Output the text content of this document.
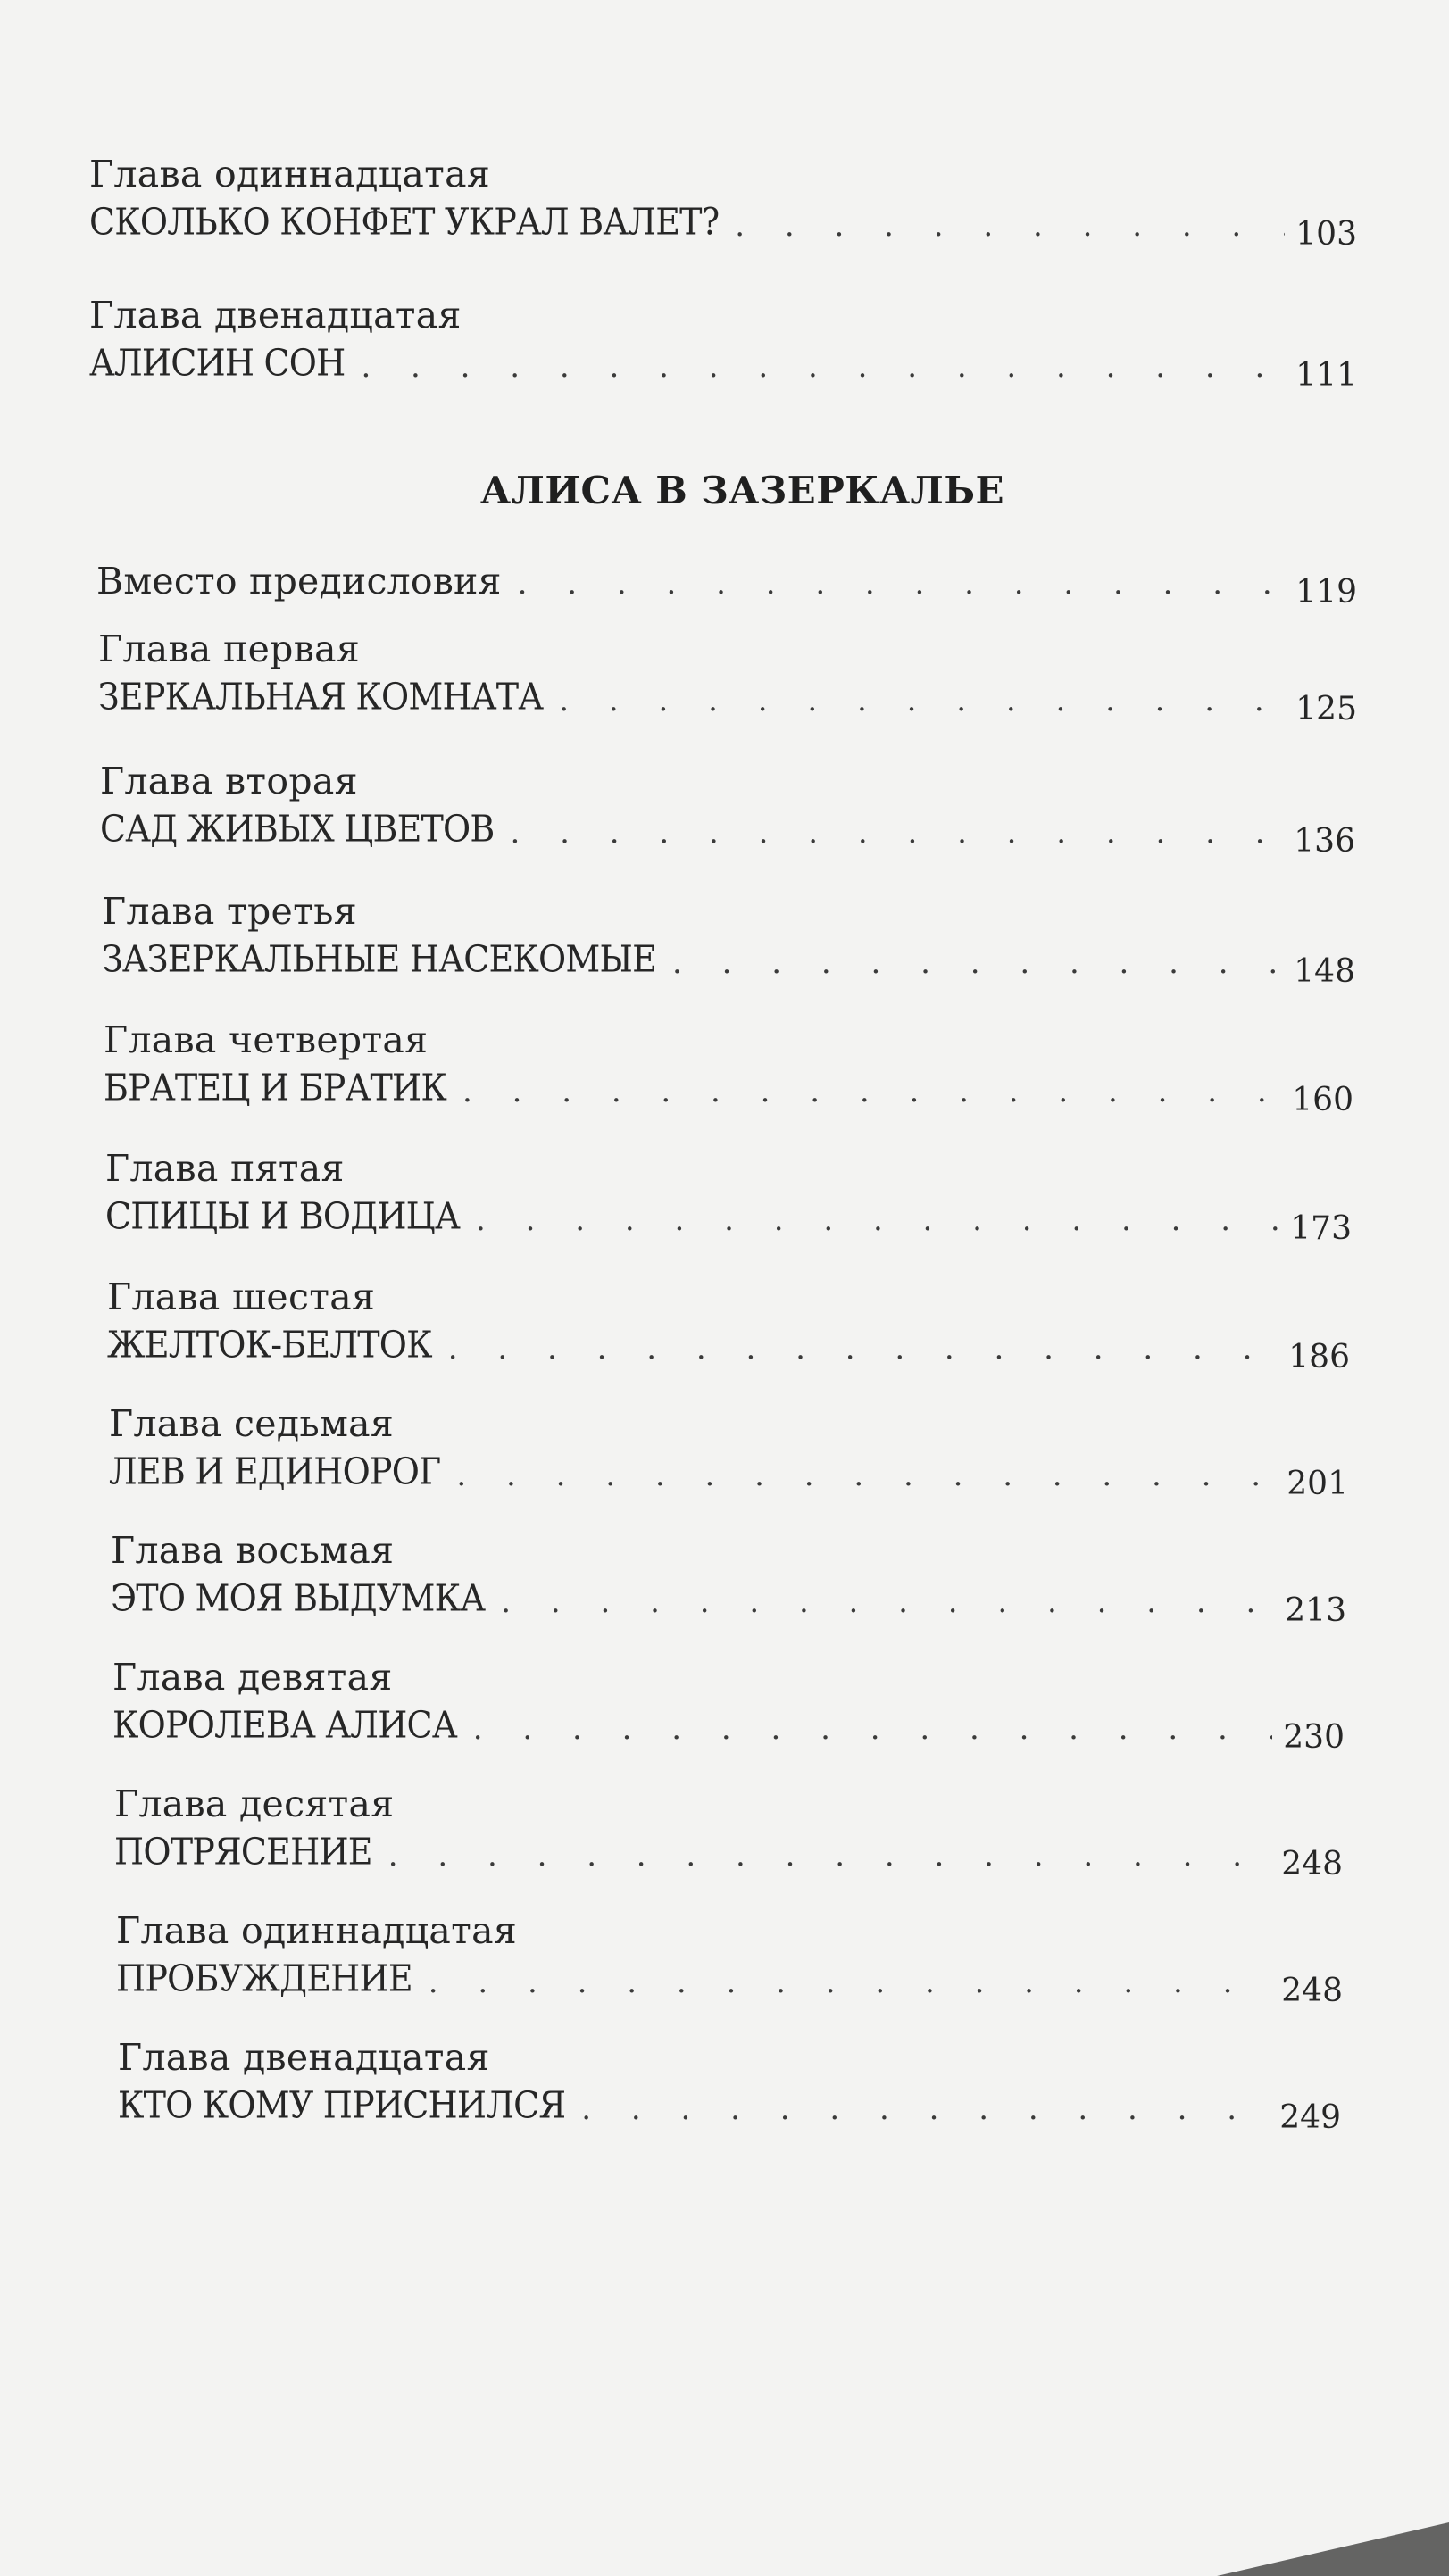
Глава одиннадцатая
СКОЛЬКО КОНФЕТ УКРАЛ ВАЛЕТ? . . .	103
Глава двенадцатая
АЛИСИН СОН . . .	111
АЛИСА В ЗАЗЕРКАЛЬЕ
Вместо предисловия . . .	119
Глава первая
ЗЕРКАЛЬНАЯ КОМНАТА . . .	125
Глава вторая
САД ЖИВЫХ ЦВЕТОВ . . .	136
Глава третья
ЗАЗЕРКАЛЬНЫЕ НАСЕКОМЫЕ . . .	148
Глава четвертая
БРАТЕЦ И БРАТИК . . .	160
Глава пятая
СПИЦЫ И ВОДИЦА . . .	173
Глава шестая
ЖЕЛТОК-БЕЛТОК . . .	186
Глава седьмая
ЛЕВ И ЕДИНОРОГ . . .	201
Глава восьмая
ЭТО МОЯ ВЫДУМКА . . .	213
Глава девятая
КОРОЛЕВА АЛИСА . . .	230
Глава десятая
ПОТРЯСЕНИЕ . . .	248
Глава одиннадцатая
ПРОБУЖДЕНИЕ . . .	248
Глава двенадцатая
КТО КОМУ ПРИСНИЛСЯ . . .	249
